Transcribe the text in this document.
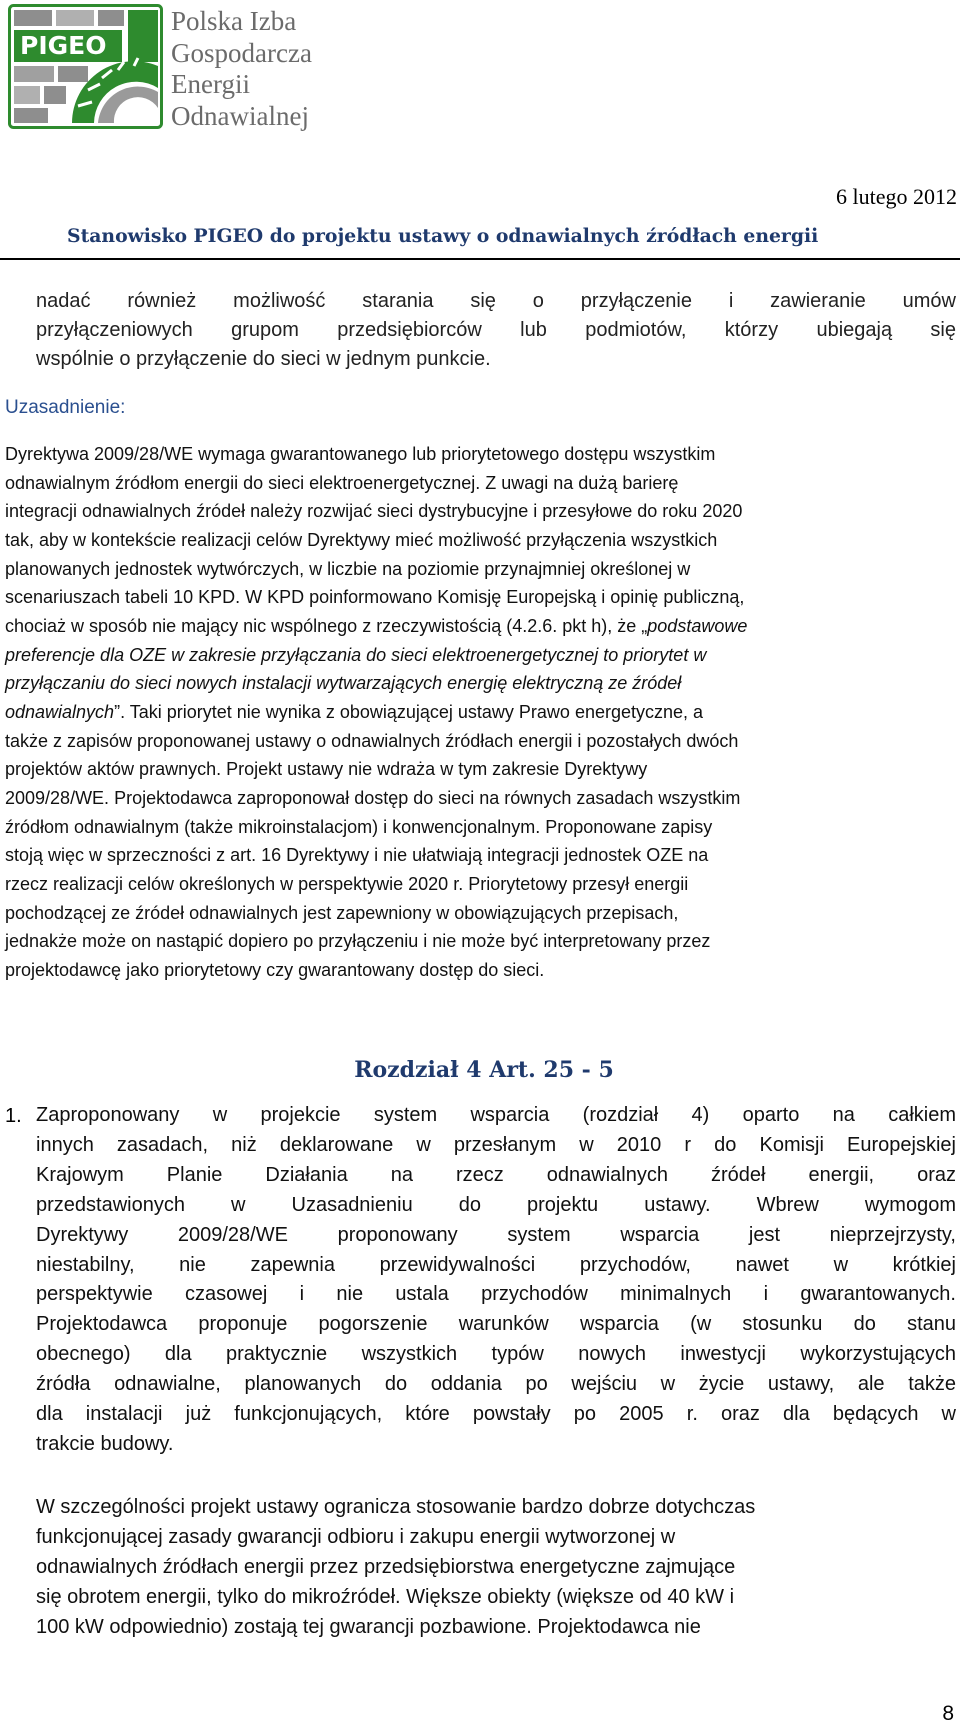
PIGEO
Polska Izba
Gospodarcza
Energii
Odnawialnej
6 lutego 2012
Stanowisko PIGEO do projektu ustawy o odnawialnych źródłach energii
nadać również możliwość starania się o przyłączenie i zawieranie umów
przyłączeniowych grupom przedsiębiorców lub podmiotów, którzy ubiegają się
wspólnie o przyłączenie do sieci w jednym punkcie.
Uzasadnienie:
Dyrektywa 2009/28/WE wymaga gwarantowanego lub priorytetowego dostępu wszystkim
odnawialnym źródłom energii do sieci elektroenergetycznej. Z uwagi na dużą barierę
integracji odnawialnych źródeł należy rozwijać sieci dystrybucyjne i przesyłowe do roku 2020
tak, aby w kontekście realizacji celów Dyrektywy mieć możliwość przyłączenia wszystkich
planowanych jednostek wytwórczych, w liczbie na poziomie przynajmniej określonej w
scenariuszach tabeli 10 KPD. W KPD poinformowano Komisję Europejską i opinię publiczną,
chociaż w sposób nie mający nic wspólnego z rzeczywistością (4.2.6. pkt h), że „podstawowe
preferencje dla OZE w zakresie przyłączania do sieci elektroenergetycznej to priorytet w
przyłączaniu do sieci nowych instalacji wytwarzających energię elektryczną ze źródeł
odnawialnych”. Taki priorytet nie wynika z obowiązującej ustawy Prawo energetyczne, a
także z zapisów proponowanej ustawy o odnawialnych źródłach energii i pozostałych dwóch
projektów aktów prawnych. Projekt ustawy nie wdraża w tym zakresie Dyrektywy
2009/28/WE. Projektodawca zaproponował dostęp do sieci na równych zasadach wszystkim
źródłom odnawialnym (także mikroinstalacjom) i konwencjonalnym. Proponowane zapisy
stoją więc w sprzeczności z art. 16 Dyrektywy i nie ułatwiają integracji jednostek OZE na
rzecz realizacji celów określonych w perspektywie 2020 r. Priorytetowy przesył energii
pochodzącej ze źródeł odnawialnych jest zapewniony w obowiązujących przepisach,
jednakże może on nastąpić dopiero po przyłączeniu i nie może być interpretowany przez
projektodawcę jako priorytetowy czy gwarantowany dostęp do sieci.
Rozdział 4 Art. 25 - 5
1. Zaproponowany w projekcie system wsparcia (rozdział 4) oparto na całkiem
innych zasadach, niż deklarowane w przesłanym w 2010 r do Komisji Europejskiej
Krajowym Planie Działania na rzecz odnawialnych źródeł energii, oraz
przedstawionych w Uzasadnieniu do projektu ustawy. Wbrew wymogom
Dyrektywy 2009/28/WE proponowany system wsparcia jest nieprzejrzysty,
niestabilny, nie zapewnia przewidywalności przychodów, nawet w krótkiej
perspektywie czasowej i nie ustala przychodów minimalnych i gwarantowanych.
Projektodawca proponuje pogorszenie warunków wsparcia (w stosunku do stanu
obecnego) dla praktycznie wszystkich typów nowych inwestycji wykorzystujących
źródła odnawialne, planowanych do oddania po wejściu w życie ustawy, ale także
dla instalacji już funkcjonujących, które powstały po 2005 r. oraz dla będących w
trakcie budowy.
W szczególności projekt ustawy ogranicza stosowanie bardzo dobrze dotychczas
funkcjonującej zasady gwarancji odbioru i zakupu energii wytworzonej w
odnawialnych źródłach energii przez przedsiębiorstwa energetyczne zajmujące
się obrotem energii, tylko do mikroźródeł. Większe obiekty (większe od 40 kW i
100 kW odpowiednio) zostają tej gwarancji pozbawione. Projektodawca nie
8
